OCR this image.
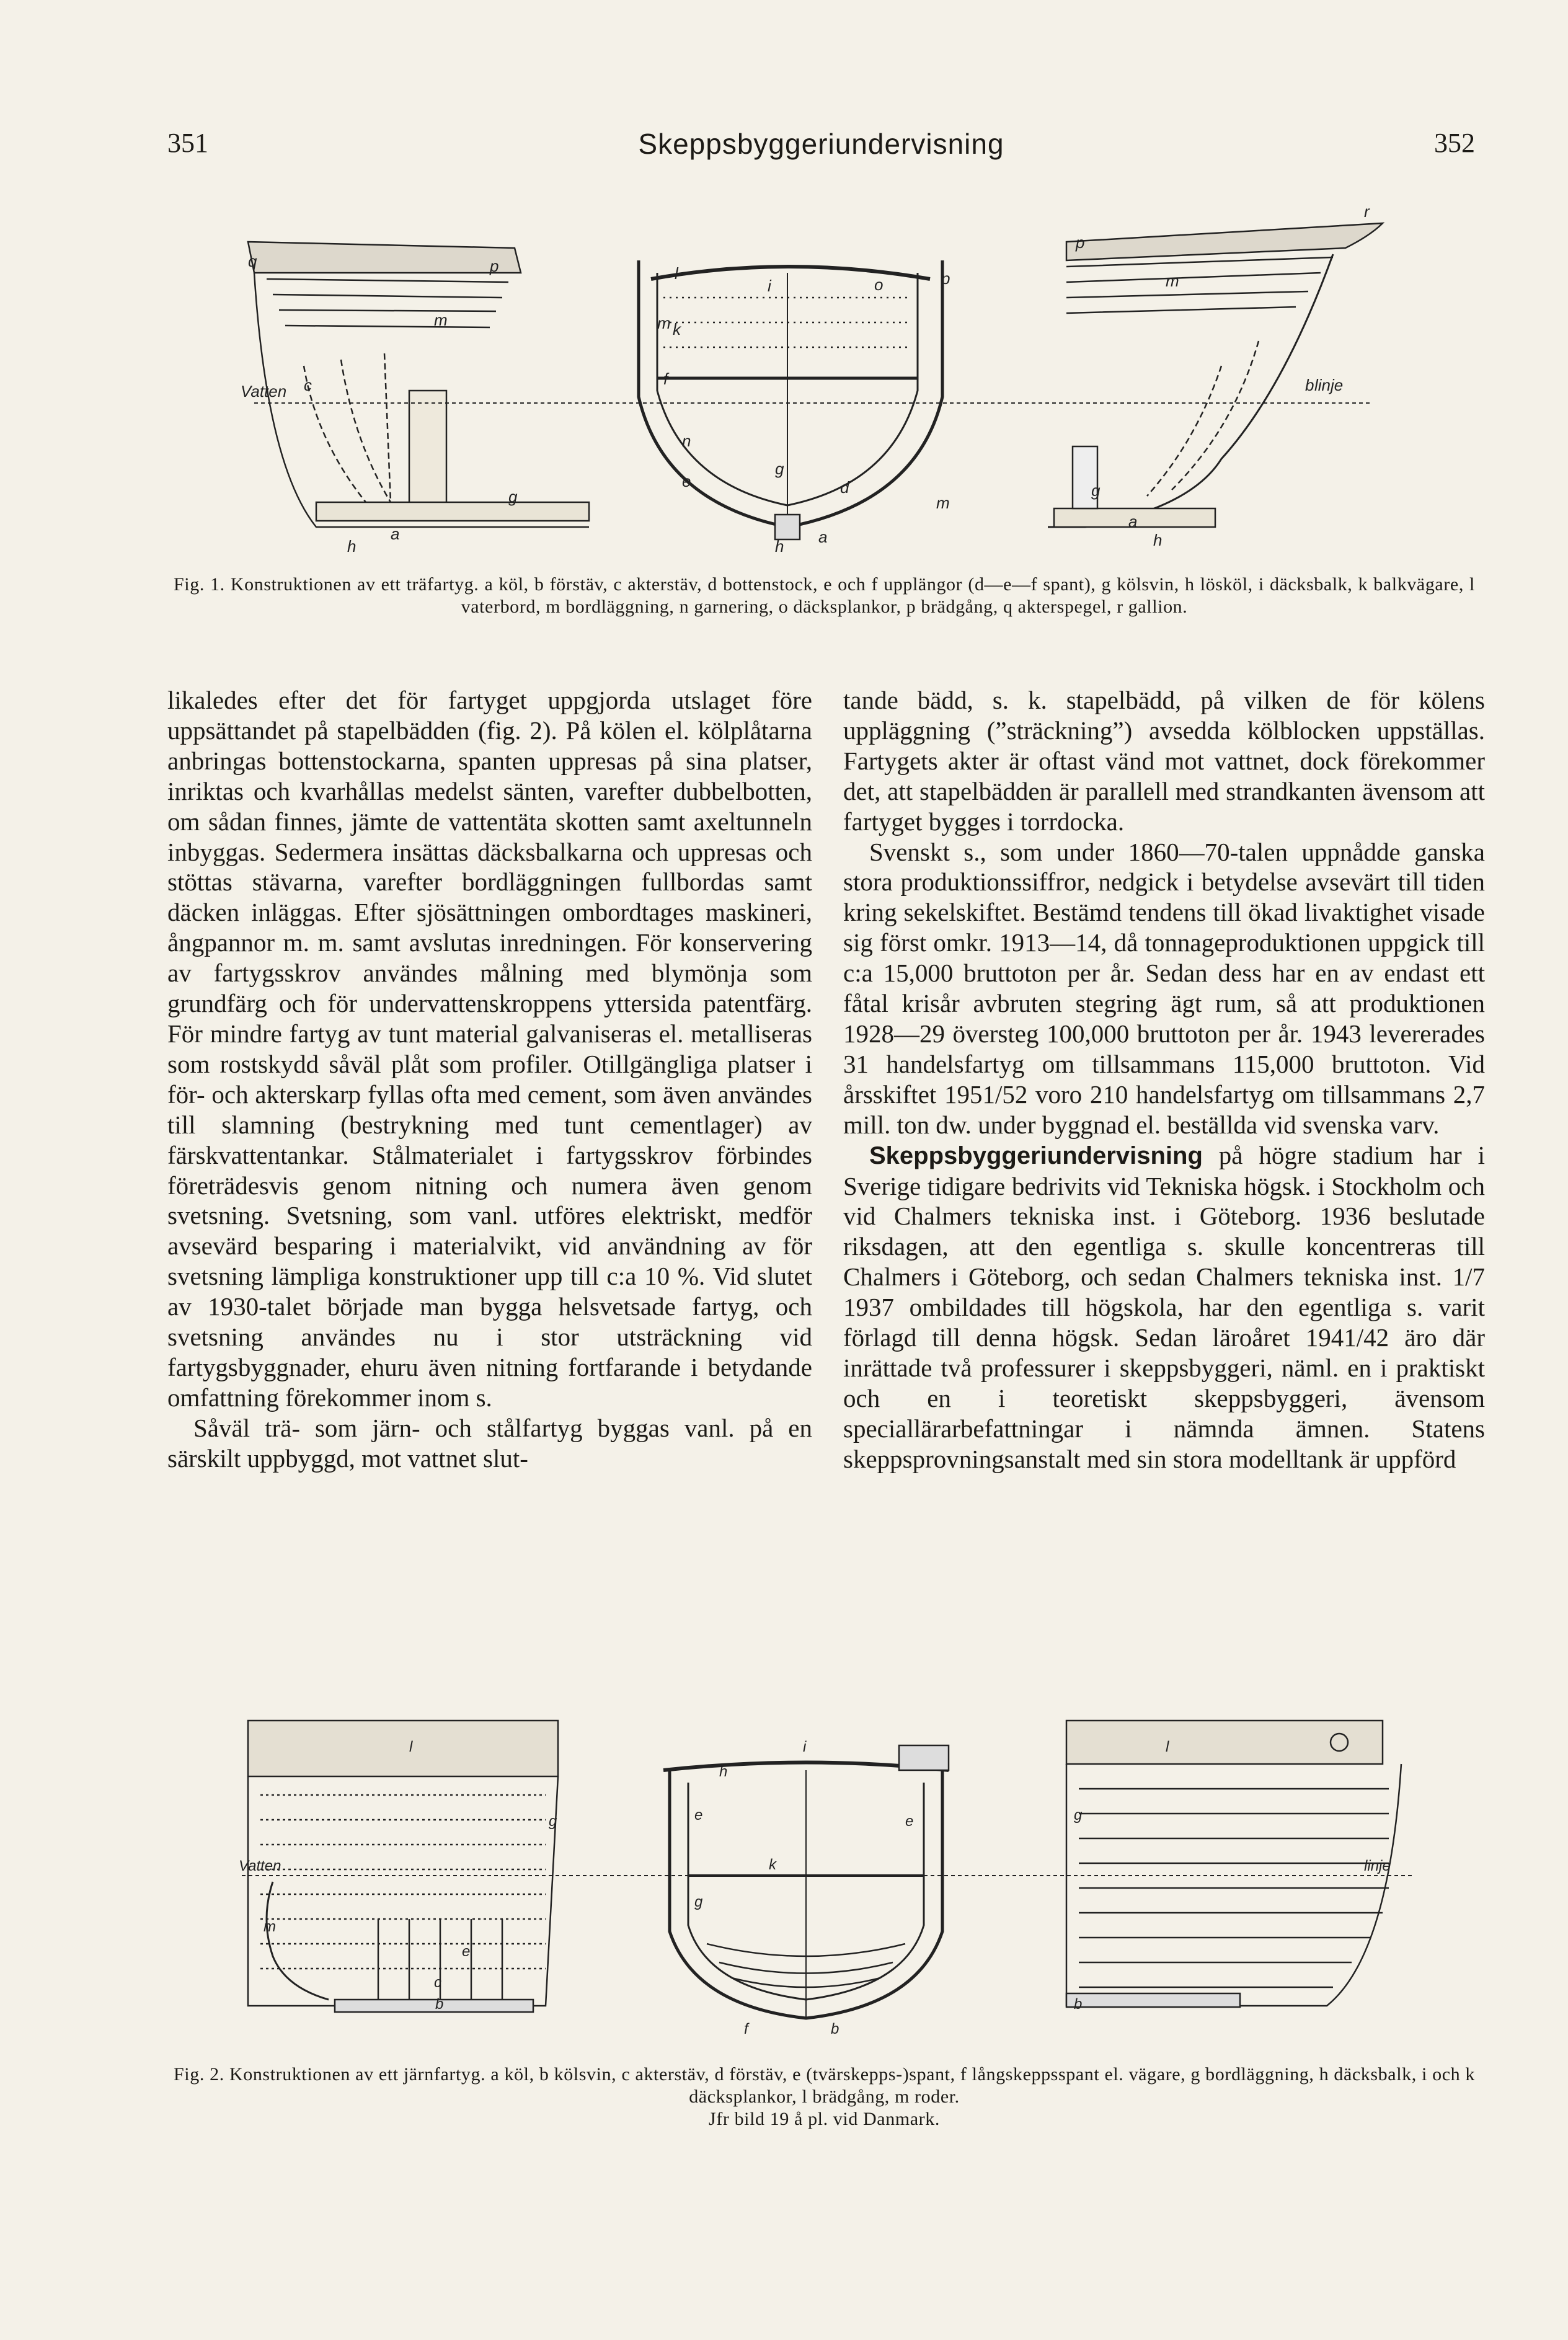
351	Skeppsbyggeriundervisning	352
Vatten	linje
q	p
m
c
g
a
h
l
i	o	p
k
m
f
n
e
g
d
m
h a
p
m
r
b
g
a
h
Fig. 1. Konstruktionen av ett träfartyg. a köl, b förstäv, c akterstäv, d bottenstock, e och f upplängor (d—e—f spant), g kölsvin, h lösköl, i däcksbalk, k balkvägare, l vaterbord, m bordläggning, n garnering, o däcksplankor, p brädgång, q akterspegel, r gallion.

likaledes efter det för fartyget uppgjorda utslaget före uppsättandet på stapelbädden (fig. 2). På kölen el. kölplåtarna anbringas bottenstockarna, spanten uppresas på sina platser, inriktas och kvarhållas medelst sänten, varefter dubbelbotten, om sådan finnes, jämte de vattentäta skotten samt axeltunneln inbyggas. Sedermera insättas däcksbalkarna och uppresas och stöttas stävarna, varefter bordläggningen fullbordas samt däcken inläggas. Efter sjösättningen ombordtages maskineri, ångpannor m. m. samt avslutas inredningen. För konservering av fartygsskrov användes målning med blymönja som grundfärg och för undervattenskroppens yttersida patentfärg. För mindre fartyg av tunt material galvaniseras el. metalliseras som rostskydd såväl plåt som profiler. Otillgängliga platser i för- och akterskarp fyllas ofta med cement, som även användes till slamning (bestrykning med tunt cementlager) av färskvattentankar. Stålmaterialet i fartygsskrov förbindes företrädesvis genom nitning och numera även genom svetsning. Svetsning, som vanl. utföres elektriskt, medför avsevärd besparing i materialvikt, vid användning av för svetsning lämpliga konstruktioner upp till c:a 10 %. Vid slutet av 1930-talet började man bygga helsvetsade fartyg, och svetsning användes nu i stor utsträckning vid fartygsbyggnader, ehuru även nitning fortfarande i betydande omfattning förekommer inom s.

Såväl trä- som järn- och stålfartyg byggas vanl. på en särskilt uppbyggd, mot vattnet slut-

tande bädd, s. k. stapelbädd, på vilken de för kölens uppläggning (”sträckning”) avsedda kölblocken uppställas. Fartygets akter är oftast vänd mot vattnet, dock förekommer det, att stapelbädden är parallell med strandkanten ävensom att fartyget bygges i torrdocka.

Svenskt s., som under 1860—70-talen uppnådde ganska stora produktionssiffror, nedgick i betydelse avsevärt till tiden kring sekelskiftet. Bestämd tendens till ökad livaktighet visade sig först omkr. 1913—14, då tonnageproduktionen uppgick till c:a 15,000 bruttoton per år. Sedan dess har en av endast ett fåtal krisår avbruten stegring ägt rum, så att produktionen 1928—29 översteg 100,000 bruttoton per år. 1943 levererades 31 handelsfartyg om tillsammans 115,000 bruttoton. Vid årsskiftet 1951/52 voro 210 handelsfartyg om tillsammans 2,7 mill. ton dw. under byggnad el. beställda vid svenska varv.

Skeppsbyggeriundervisning på högre stadium har i Sverige tidigare bedrivits vid Tekniska högsk. i Stockholm och vid Chalmers tekniska inst. i Göteborg. 1936 beslutade riksdagen, att den egentliga s. skulle koncentreras till Chalmers i Göteborg, och sedan Chalmers tekniska inst. 1/7 1937 ombildades till högskola, har den egentliga s. varit förlagd till denna högsk. Sedan läroåret 1941/42 äro där inrättade två professurer i skeppsbyggeri, näml. en i praktiskt och en i teoretiskt skeppsbyggeri, ävensom speciallärarbefattningar i nämnda ämnen. Statens skeppsprovningsanstalt med sin stora modelltank är uppförd

Vatten	linje
l
g
m
e
c
b
i
h
e	e
k
g
f	b
l
g
b
Fig. 2. Konstruktionen av ett järnfartyg. a köl, b kölsvin, c akterstäv, d förstäv, e (tvärskepps-)spant, f långskeppsspant el. vägare, g bordläggning, h däcksbalk, i och k däcksplankor, l brädgång, m roder.
Jfr bild 19 å pl. vid Danmark.
